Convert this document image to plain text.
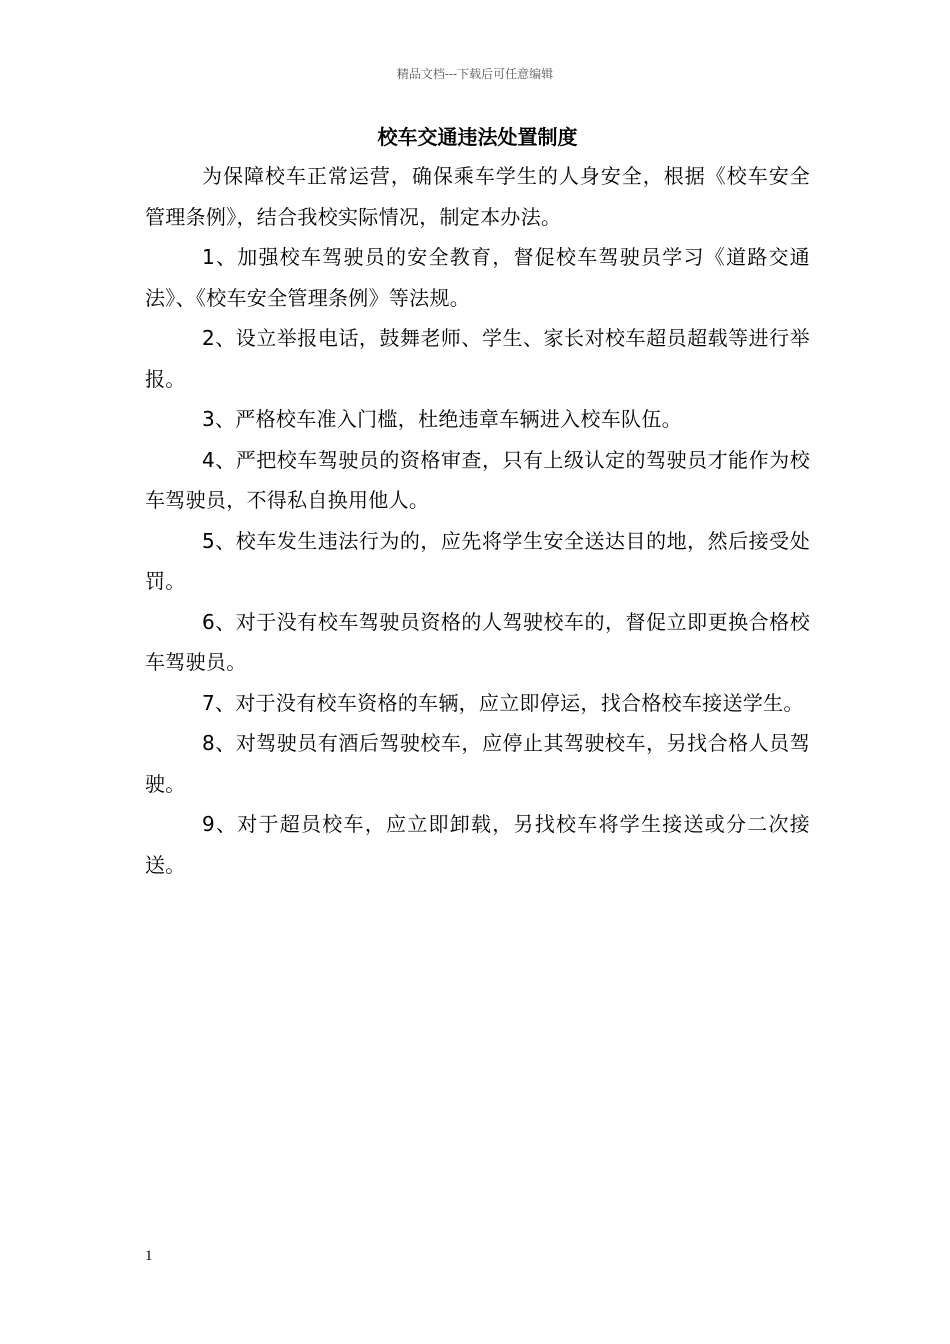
精品文档---下载后可任意编辑
校车交通违法处置制度

为保障校车正常运营，确保乘车学生的人身安全，根据《校车安全管理条例》，结合我校实际情况，制定本办法。

1、加强校车驾驶员的安全教育，督促校车驾驶员学习《道路交通法》、《校车安全管理条例》等法规。

2、设立举报电话，鼓舞老师、学生、家长对校车超员超载等进行举报。

3、严格校车准入门槛，杜绝违章车辆进入校车队伍。

4、严把校车驾驶员的资格审查，只有上级认定的驾驶员才能作为校车驾驶员，不得私自换用他人。

5、校车发生违法行为的，应先将学生安全送达目的地，然后接受处罚。

6、对于没有校车驾驶员资格的人驾驶校车的，督促立即更换合格校车驾驶员。

7、对于没有校车资格的车辆，应立即停运，找合格校车接送学生。

8、对驾驶员有酒后驾驶校车，应停止其驾驶校车，另找合格人员驾驶。

9、对于超员校车，应立即卸载，另找校车将学生接送或分二次接送。

1
